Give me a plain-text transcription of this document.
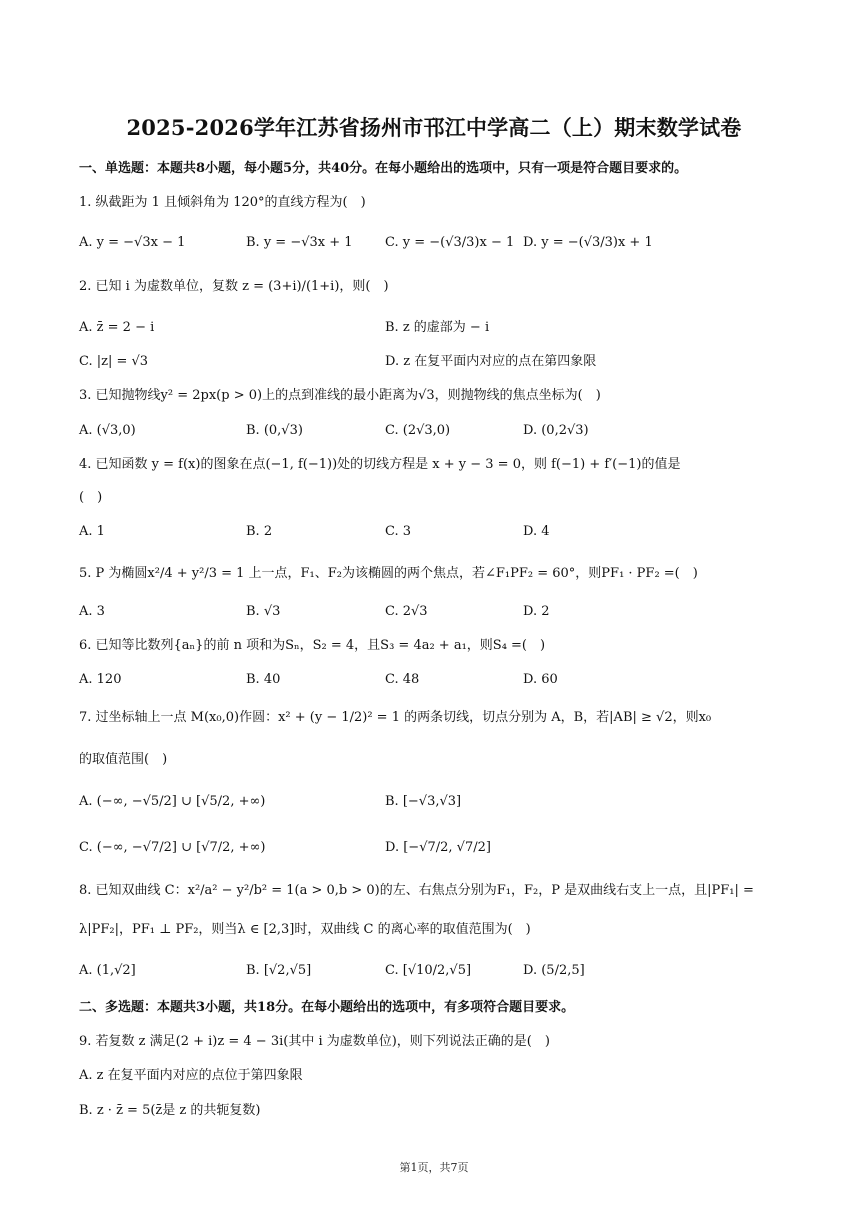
2025-2026学年江苏省扬州市邗江中学高二（上）期末数学试卷
一、单选题：本题共8小题，每小题5分，共40分。在每小题给出的选项中，只有一项是符合题目要求的。
1. 纵截距为 1 且倾斜角为 120°的直线方程为(　)
A. y = −√3x − 1	B. y = −√3x + 1 C. y = −(√3/3)x − 1 D. y = −(√3/3)x + 1
2. 已知 i 为虚数单位，复数 z = (3+i)/(1+i)，则(　)
A. z̄ = 2 − i	B. z 的虚部为 − i
C. |z| = √3	D. z 在复平面内对应的点在第四象限
3. 已知抛物线y² = 2px(p > 0)上的点到准线的最小距离为√3，则抛物线的焦点坐标为(　)
A. (√3,0)	B. (0,√3)	C. (2√3,0)	D. (0,2√3)
4. 已知函数 y = f(x)的图象在点(−1, f(−1))处的切线方程是 x + y − 3 = 0，则 f(−1) + f′(−1)的值是
(　)
A. 1	B. 2	C. 3	D. 4
5. P 为椭圆x²/4 + y²/3 = 1 上一点，F₁、F₂为该椭圆的两个焦点，若∠F₁PF₂ = 60°，则PF₁ · PF₂ =(　)
A. 3	B. √3	C. 2√3	D. 2
6. 已知等比数列{aₙ}的前 n 项和为Sₙ，S₂ = 4，且S₃ = 4a₂ + a₁，则S₄ =(　)
A. 120	B. 40	C. 48	D. 60
7. 过坐标轴上一点 M(x₀,0)作圆：x² + (y − 1/2)² = 1 的两条切线，切点分别为 A，B，若|AB| ≥ √2，则x₀
的取值范围(　)
A. (−∞, −√5/2] ∪ [√5/2, +∞)	B. [−√3,√3]
C. (−∞, −√7/2] ∪ [√7/2, +∞)	D. [−√7/2, √7/2]
8. 已知双曲线 C：x²/a² − y²/b² = 1(a > 0,b > 0)的左、右焦点分别为F₁，F₂，P 是双曲线右支上一点，且|PF₁| =
λ|PF₂|，PF₁ ⊥ PF₂，则当λ ∈ [2,3]时，双曲线 C 的离心率的取值范围为(　)
A. (1,√2]	B. [√2,√5]	C. [√10/2,√5]	D. (5/2,5]
二、多选题：本题共3小题，共18分。在每小题给出的选项中，有多项符合题目要求。
9. 若复数 z 满足(2 + i)z = 4 − 3i(其中 i 为虚数单位)，则下列说法正确的是(　)
A. z 在复平面内对应的点位于第四象限
B. z · z̄ = 5(z̄是 z 的共轭复数)
第1页，共7页
